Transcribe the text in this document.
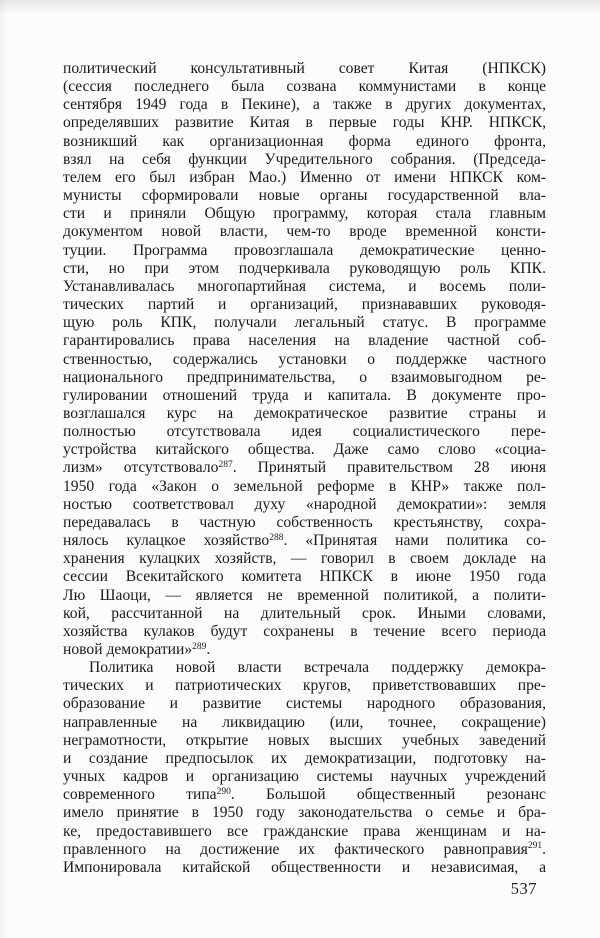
политический консультативный совет Китая (НПКСК)
(сессия последнего была созвана коммунистами в конце
сентября 1949 года в Пекине), а также в других документах,
определявших развитие Китая в первые годы КНР. НПКСК,
возникший как организационная форма единого фронта,
взял на себя функции Учредительного собрания. (Председа-
телем его был избран Мао.) Именно от имени НПКСК ком-
мунисты сформировали новые органы государственной вла-
сти и приняли Общую программу, которая стала главным
документом новой власти, чем-то вроде временной консти-
туции. Программа провозглашала демократические ценно-
сти, но при этом подчеркивала руководящую роль КПК.
Устанавливалась многопартийная система, и восемь поли-
тических партий и организаций, признававших руководя-
щую роль КПК, получали легальный статус. В программе
гарантировались права населения на владение частной соб-
ственностью, содержались установки о поддержке частного
национального предпринимательства, о взаимовыгодном ре-
гулировании отношений труда и капитала. В документе про-
возглашался курс на демократическое развитие страны и
полностью отсутствовала идея социалистического пере-
устройства китайского общества. Даже само слово «социа-
лизм» отсутствовало$^{287}$. Принятый правительством 28 июня
1950 года «Закон о земельной реформе в КНР» также пол-
ностью соответствовал духу «народной демократии»: земля
передавалась в частную собственность крестьянству, сохра-
нялось кулацкое хозяйство$^{288}$. «Принятая нами политика со-
хранения кулацких хозяйств, — говорил в своем докладе на
сессии Всекитайского комитета НПКСК в июне 1950 года
Лю Шаоци, — является не временной политикой, а полити-
кой, рассчитанной на длительный срок. Иными словами,
хозяйства кулаков будут сохранены в течение всего периода
новой демократии»$^{289}$.
Политика новой власти встречала поддержку демокра-
тических и патриотических кругов, приветствовавших пре-
образование и развитие системы народного образования,
направленные на ликвидацию (или, точнее, сокращение)
неграмотности, открытие новых высших учебных заведений
и создание предпосылок их демократизации, подготовку на-
учных кадров и организацию системы научных учреждений
современного типа$^{290}$. Большой общественный резонанс
имело принятие в 1950 году законодательства о семье и бра-
ке, предоставившего все гражданские права женщинам и на-
правленного на достижение их фактического равноправия$^{291}$.
Импонировала китайской общественности и независимая, а
537
